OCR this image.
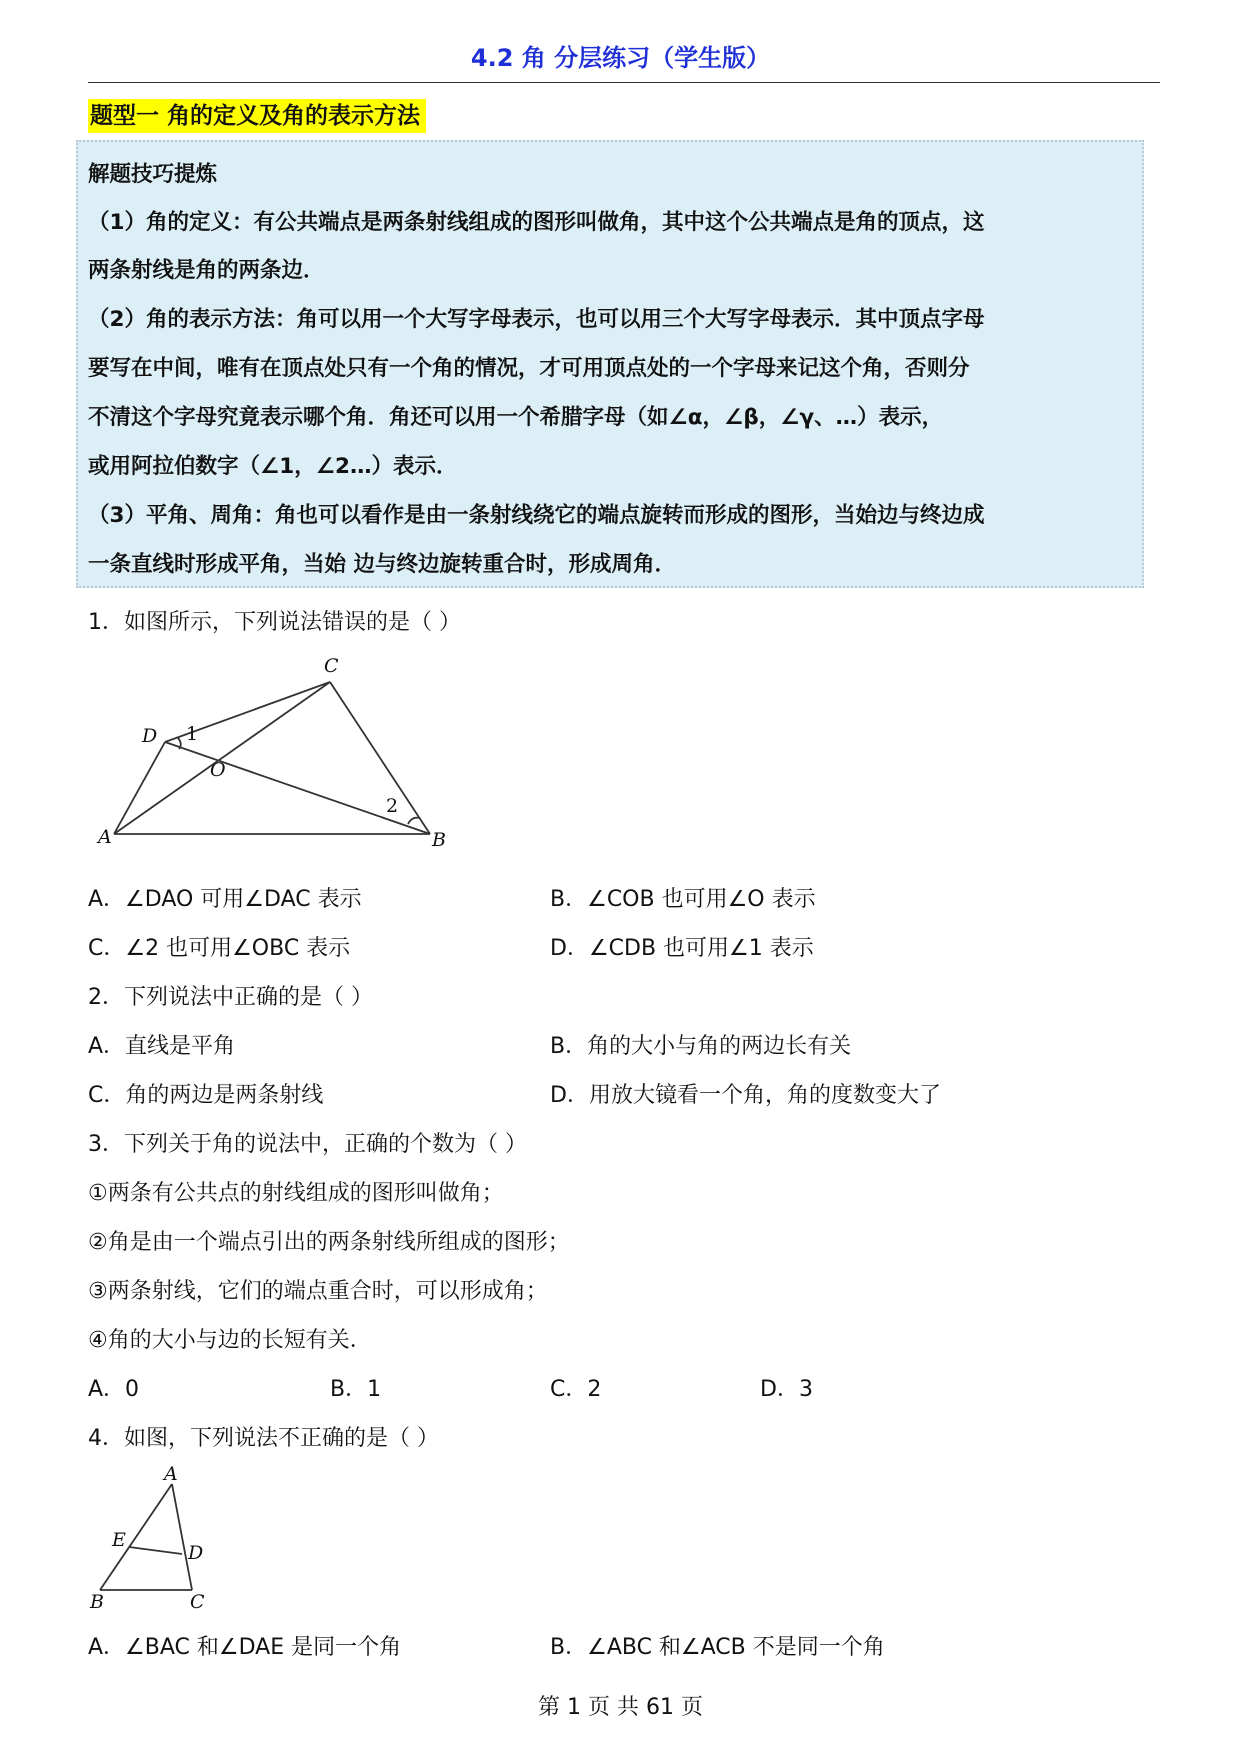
4.2 角 分层练习（学生版）
题型一 角的定义及角的表示方法
解题技巧提炼
（1）角的定义：有公共端点是两条射线组成的图形叫做角，其中这个公共端点是角的顶点，这
两条射线是角的两条边．
（2）角的表示方法：角可以用一个大写字母表示，也可以用三个大写字母表示．其中顶点字母
要写在中间，唯有在顶点处只有一个角的情况，才可用顶点处的一个字母来记这个角，否则分
不清这个字母究竟表示哪个角．角还可以用一个希腊字母（如∠α，∠β，∠γ、…）表示，
或用阿拉伯数字（∠1，∠2…）表示．
（3）平角、周角：角也可以看作是由一条射线绕它的端点旋转而形成的图形，当始边与终边成
一条直线时形成平角，当始 边与终边旋转重合时，形成周角．
1．如图所示，下列说法错误的是（ ）
A	B
C
D
O
1
2
A．∠DAO 可用∠DAC 表示	B．∠COB 也可用∠O 表示
C．∠2 也可用∠OBC 表示	D．∠CDB 也可用∠1 表示
2．下列说法中正确的是（ ）
A．直线是平角	B．角的大小与角的两边长有关
C．角的两边是两条射线	D．用放大镜看一个角，角的度数变大了
3．下列关于角的说法中，正确的个数为（ ）
①两条有公共点的射线组成的图形叫做角；
②角是由一个端点引出的两条射线所组成的图形；
③两条射线，它们的端点重合时，可以形成角；
④角的大小与边的长短有关．
A．0	B．1	C．2	D．3
4．如图，下列说法不正确的是（ ）
A
B	C
D
E
A．∠BAC 和∠DAE 是同一个角	B．∠ABC 和∠ACB 不是同一个角
第 1 页 共 61 页
